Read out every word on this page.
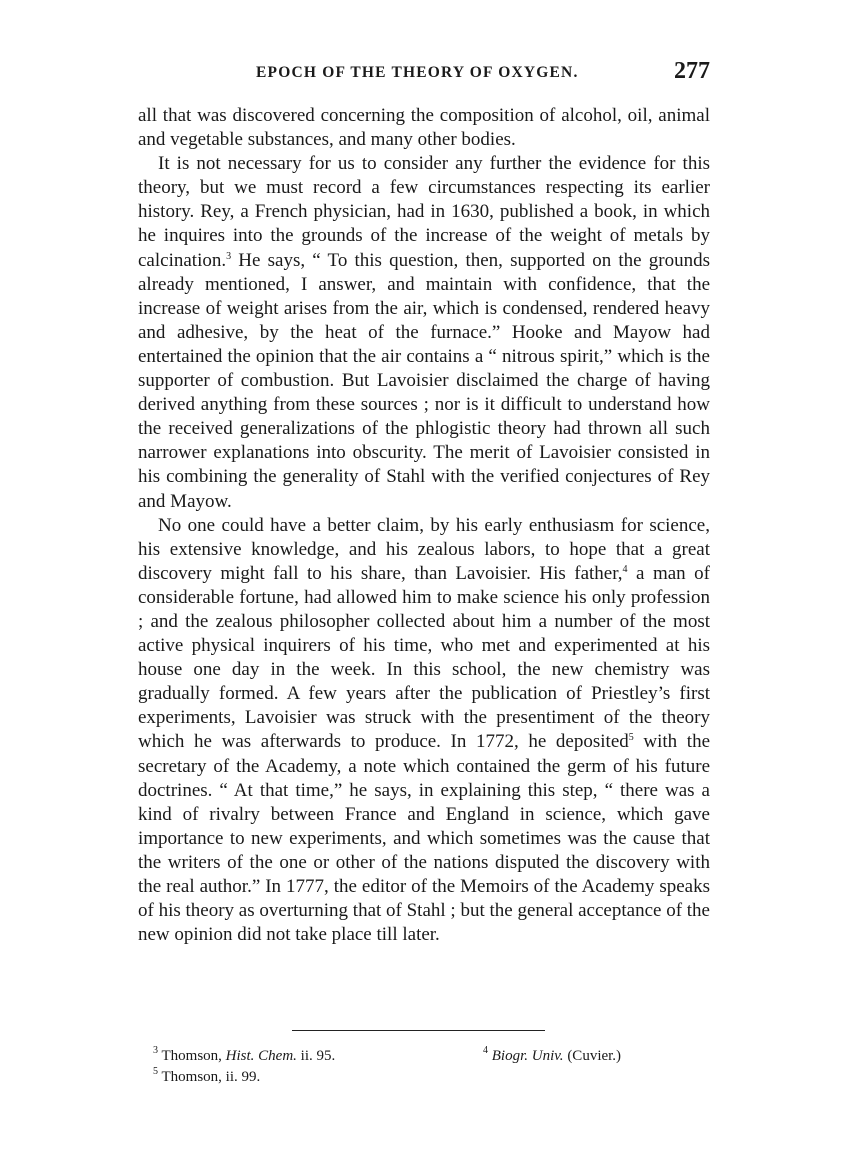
EPOCH OF THE THEORY OF OXYGEN.	277

all that was discovered concerning the composition of alcohol, oil, animal and vegetable substances, and many other bodies.

It is not necessary for us to consider any further the evidence for this theory, but we must record a few circumstances respecting its earlier history. Rey, a French physician, had in 1630, published a book, in which he inquires into the grounds of the increase of the weight of metals by calcination.$^3$ He says, “ To this question, then, supported on the grounds already mentioned, I answer, and maintain with confidence, that the increase of weight arises from the air, which is condensed, rendered heavy and adhesive, by the heat of the furnace.” Hooke and Mayow had entertained the opinion that the air contains a “ nitrous spirit,” which is the supporter of combustion. But Lavoisier disclaimed the charge of having derived anything from these sources ; nor is it difficult to understand how the received generalizations of the phlogistic theory had thrown all such narrower explanations into obscurity. The merit of Lavoisier consisted in his combining the generality of Stahl with the verified conjectures of Rey and Mayow.

No one could have a better claim, by his early enthusiasm for science, his extensive knowledge, and his zealous labors, to hope that a great discovery might fall to his share, than Lavoisier. His father,$^4$ a man of considerable fortune, had allowed him to make science his only profession ; and the zealous philosopher collected about him a number of the most active physical inquirers of his time, who met and experimented at his house one day in the week. In this school, the new chemistry was gradually formed. A few years after the publication of Priestley’s first experiments, Lavoisier was struck with the presentiment of the theory which he was afterwards to produce. In 1772, he deposited$^5$ with the secretary of the Academy, a note which contained the germ of his future doctrines. “ At that time,” he says, in explaining this step, “ there was a kind of rivalry between France and England in science, which gave importance to new experiments, and which sometimes was the cause that the writers of the one or other of the nations disputed the discovery with the real author.” In 1777, the editor of the Memoirs of the Academy speaks of his theory as overturning that of Stahl ; but the general acceptance of the new opinion did not take place till later.

$^3$ Thomson, Hist. Chem. ii. 95.	$^4$ Biogr. Univ. (Cuvier.)
$^5$ Thomson, ii. 99.
